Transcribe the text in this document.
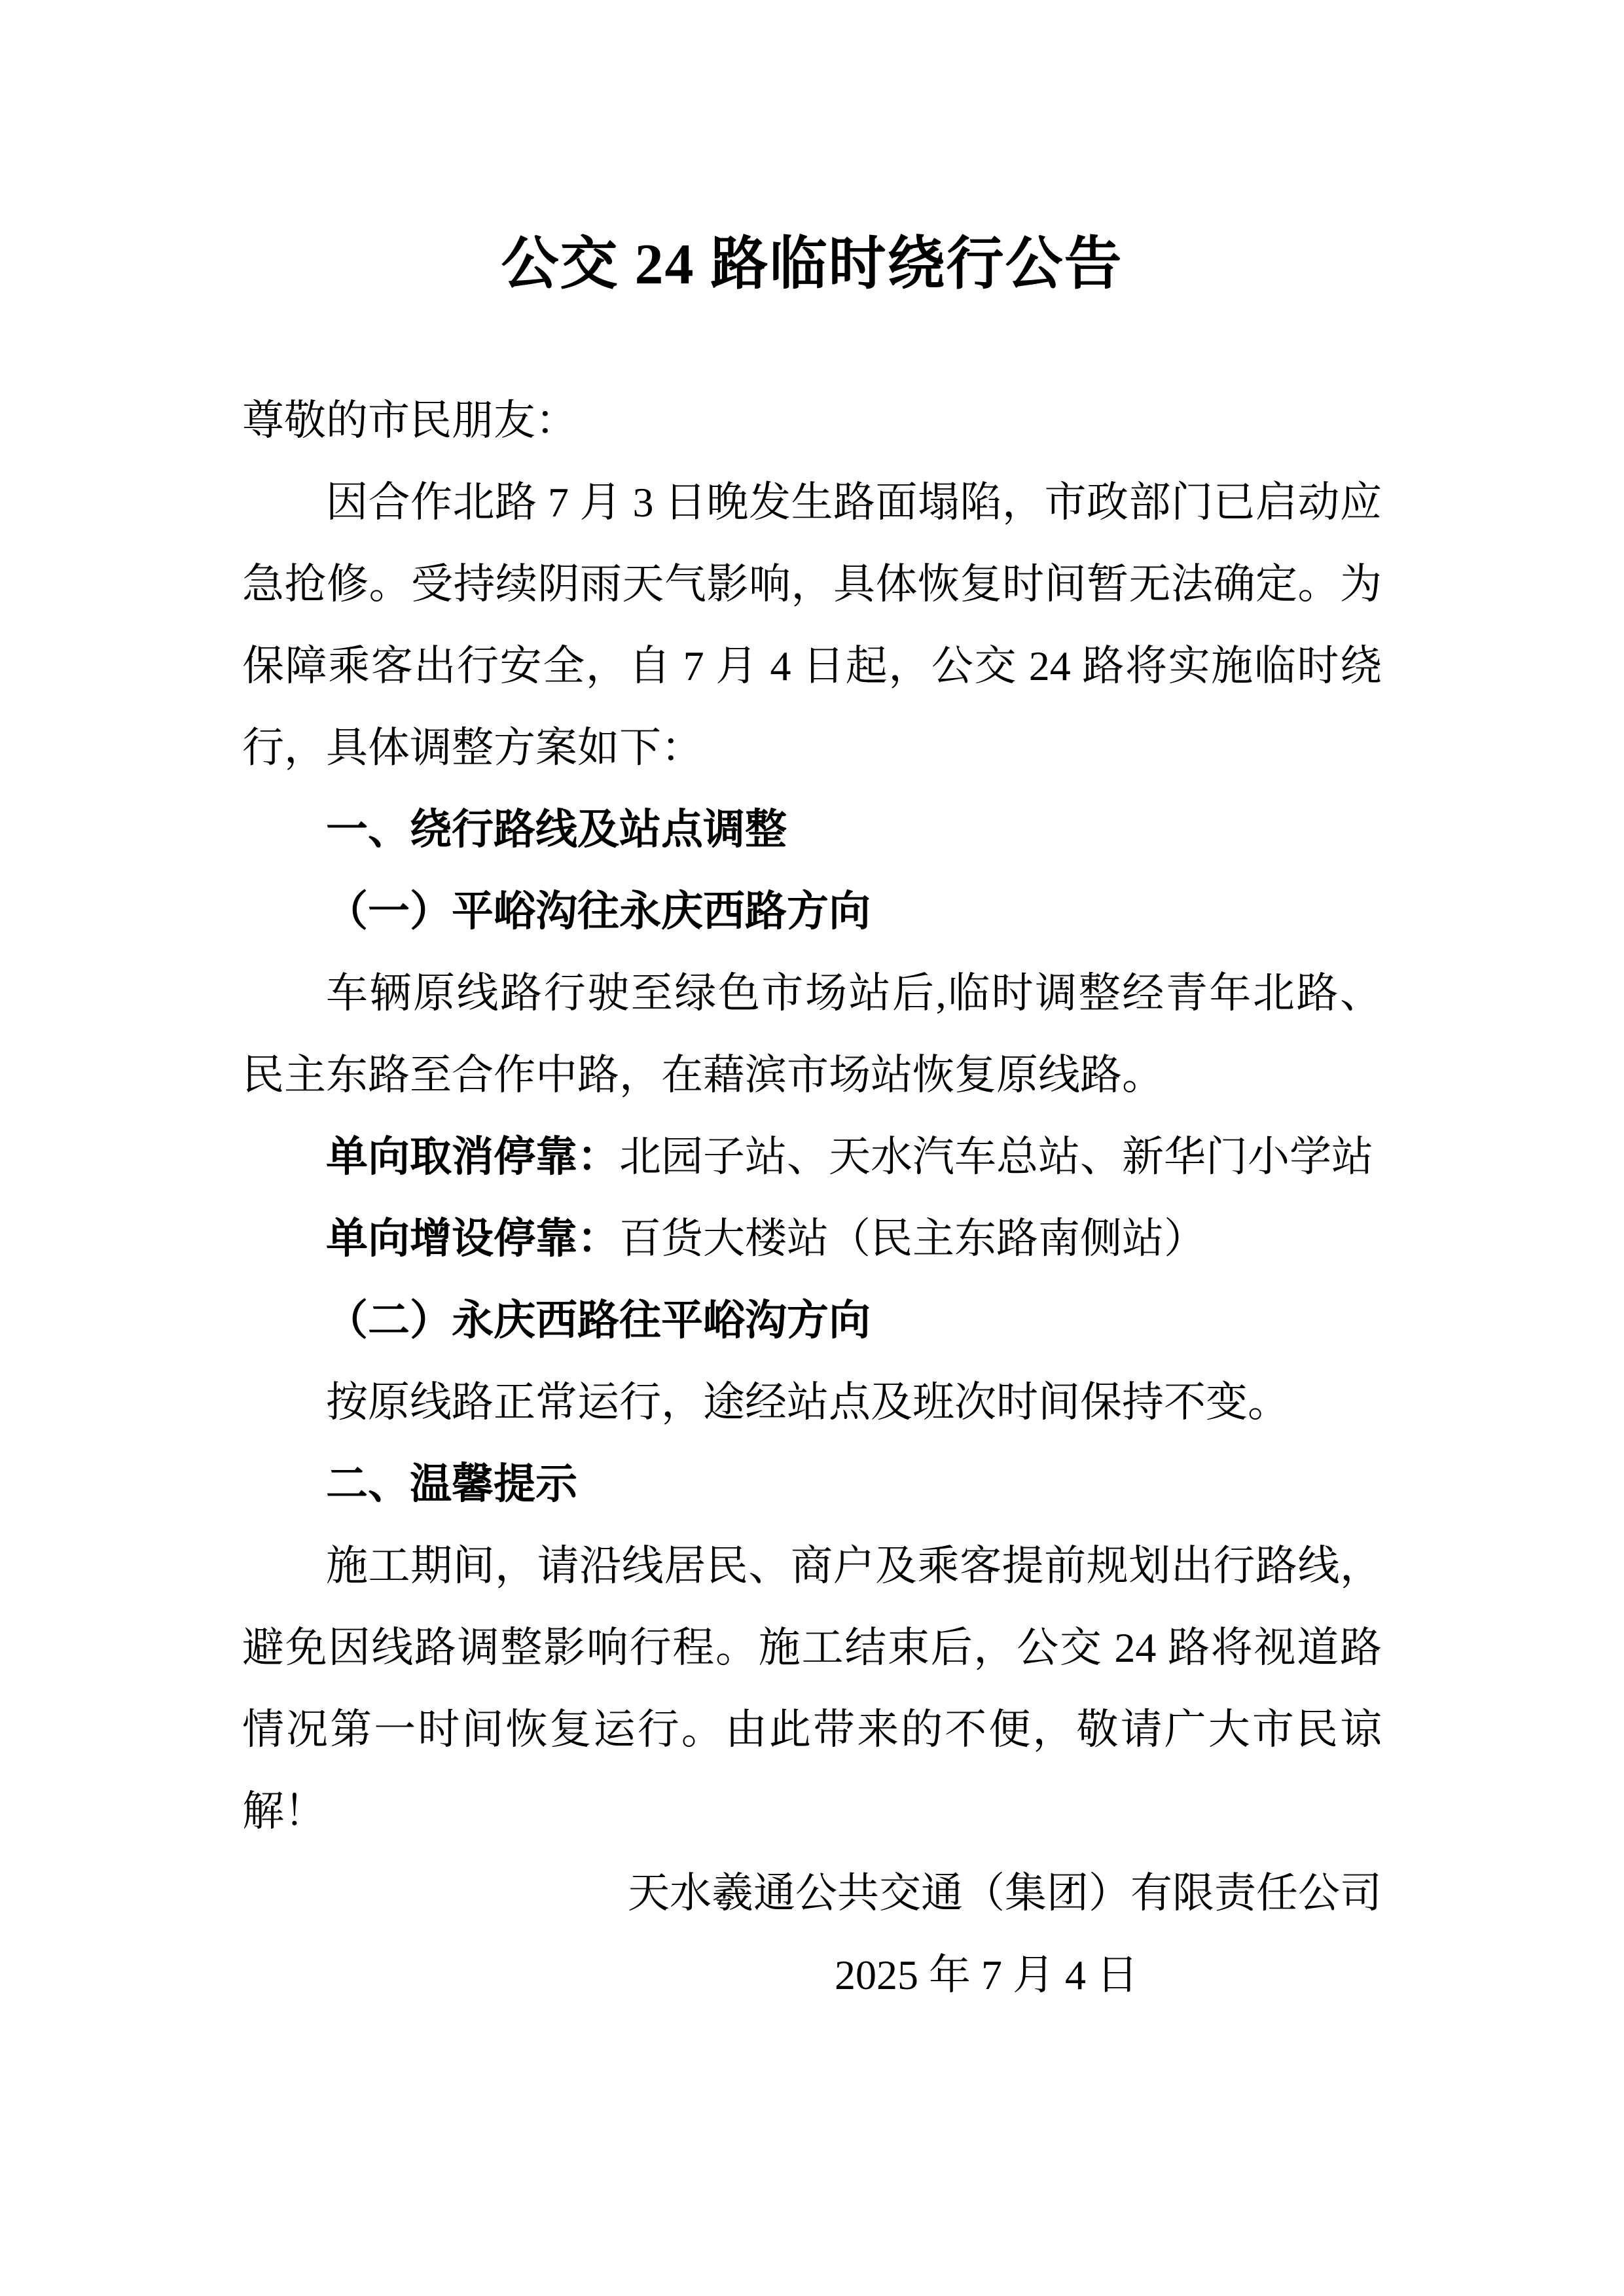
公交 24 路临时绕行公告

尊敬的市民朋友：

因合作北路 7 月 3 日晚发生路面塌陷，市政部门已启动应急抢修。受持续阴雨天气影响，具体恢复时间暂无法确定。为保障乘客出行安全，自 7 月 4 日起，公交 24 路将实施临时绕行，具体调整方案如下：

一、绕行路线及站点调整

（一）平峪沟往永庆西路方向

车辆原线路行驶至绿色市场站后,临时调整经青年北路、民主东路至合作中路，在藉滨市场站恢复原线路。

单向取消停靠：北园子站、天水汽车总站、新华门小学站

单向增设停靠：百货大楼站（民主东路南侧站）

（二）永庆西路往平峪沟方向

按原线路正常运行，途经站点及班次时间保持不变。

二、温馨提示

施工期间，请沿线居民、商户及乘客提前规划出行路线，避免因线路调整影响行程。施工结束后，公交 24 路将视道路情况第一时间恢复运行。由此带来的不便，敬请广大市民谅解！

天水羲通公共交通（集团）有限责任公司

2025 年 7 月 4 日
